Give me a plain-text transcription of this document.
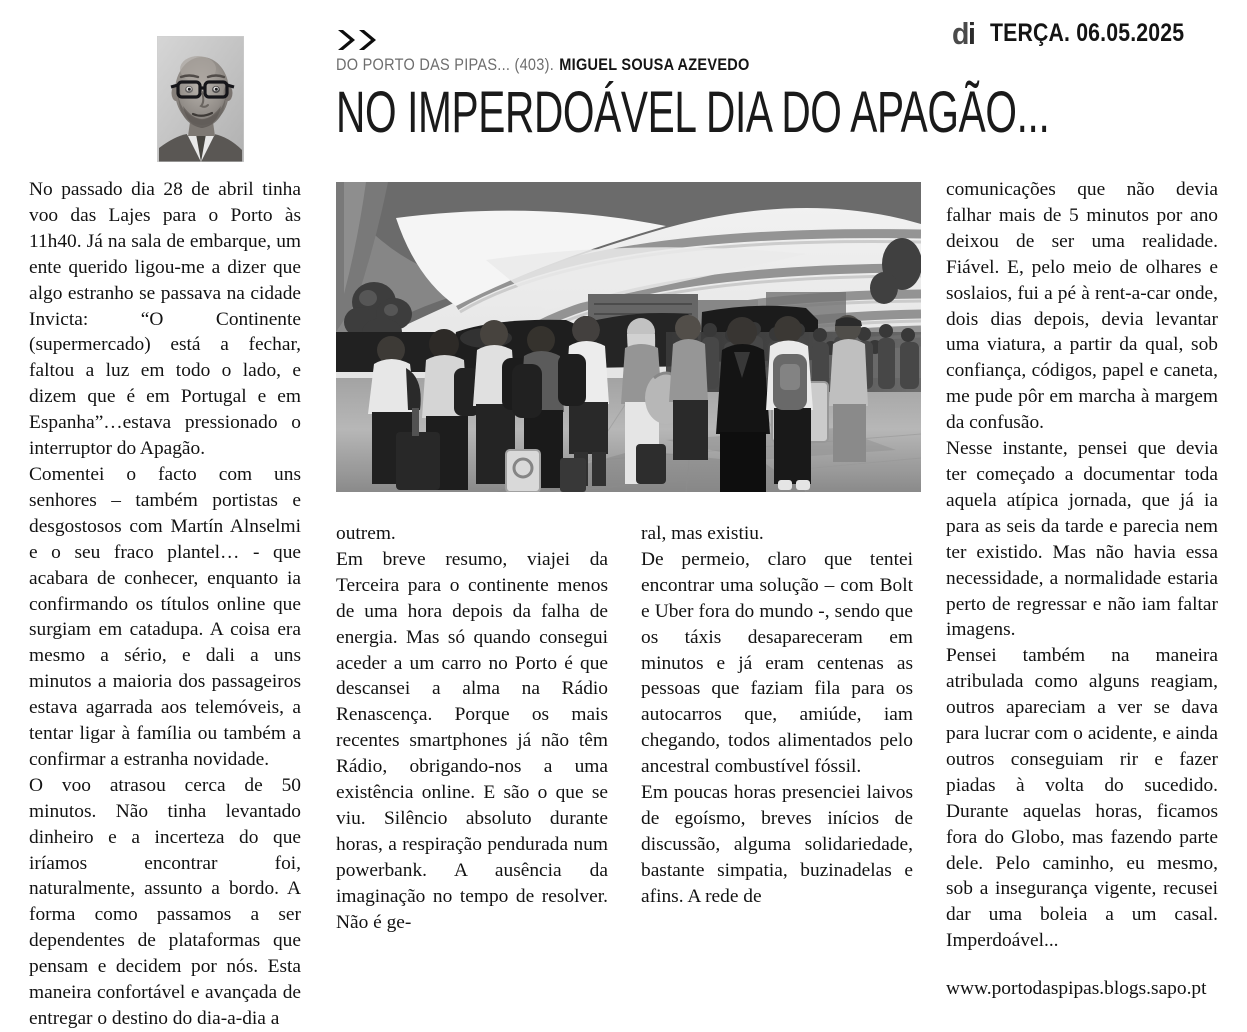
di TERÇA. 06.05.2025
DO PORTO DAS PIPAS... (403). MIGUEL SOUSA AZEVEDO
NO IMPERDOÁVEL DIA DO APAGÃO...

No passado dia 28 de abril tinha voo das Lajes para o Porto às 11h40. Já na sala de embarque, um ente querido ligou-me a dizer que algo estranho se passava na cidade Invicta: “O Continente (supermercado) está a fechar, faltou a luz em todo o lado, e dizem que é em Portugal e em Espanha”…estava pressionado o interruptor do Apagão.

Comentei o facto com uns senhores – também portistas e desgostosos com Martín Alnselmi e o seu fraco plantel… - que acabara de conhecer, enquanto ia confirmando os títulos online que surgiam em catadupa. A coisa era mesmo a sério, e dali a uns minutos a maioria dos passageiros estava agarrada aos telemóveis, a tentar ligar à família ou também a confirmar a estranha novidade.

O voo atrasou cerca de 50 minutos. Não tinha levantado dinheiro e a incerteza do que iríamos encontrar foi, naturalmente, assunto a bordo. A forma como passamos a ser dependentes de plataformas que pensam e decidem por nós. Esta maneira confortável e avançada de entregar o destino do dia-a-dia a

outrem.

Em breve resumo, viajei da Terceira para o continente menos de uma hora depois da falha de energia. Mas só quando consegui aceder a um carro no Porto é que descansei a alma na Rádio Renascença. Porque os mais recentes smartphones já não têm Rádio, obrigando-nos a uma existência online. E são o que se viu. Silêncio absoluto durante horas, a respiração pendurada num powerbank. A ausência da imaginação no tempo de resolver. Não é ge-

ral, mas existiu.

De permeio, claro que tentei encontrar uma solução – com Bolt e Uber fora do mundo -, sendo que os táxis desapareceram em minutos e já eram centenas as pessoas que faziam fila para os autocarros que, amiúde, iam chegando, todos alimentados pelo ancestral combustível fóssil.

Em poucas horas presenciei laivos de egoísmo, breves inícios de discussão, alguma solidariedade, bastante simpatia, buzinadelas e afins. A rede de

comunicações que não devia falhar mais de 5 minutos por ano deixou de ser uma realidade. Fiável. E, pelo meio de olhares e soslaios, fui a pé à rent-a-car onde, dois dias depois, devia levantar uma viatura, a partir da qual, sob confiança, códigos, papel e caneta, me pude pôr em marcha à margem da confusão.

Nesse instante, pensei que devia ter começado a documentar toda aquela atípica jornada, que já ia para as seis da tarde e parecia nem ter existido. Mas não havia essa necessidade, a normalidade estaria perto de regressar e não iam faltar imagens.

Pensei também na maneira atribulada como alguns reagiam, outros apareciam a ver se dava para lucrar com o acidente, e ainda outros conseguiam rir e fazer piadas à volta do sucedido. Durante aquelas horas, ficamos fora do Globo, mas fazendo parte dele. Pelo caminho, eu mesmo, sob a insegurança vigente, recusei dar uma boleia a um casal. Imperdoável...

www.portodaspipas.blogs.sapo.pt
